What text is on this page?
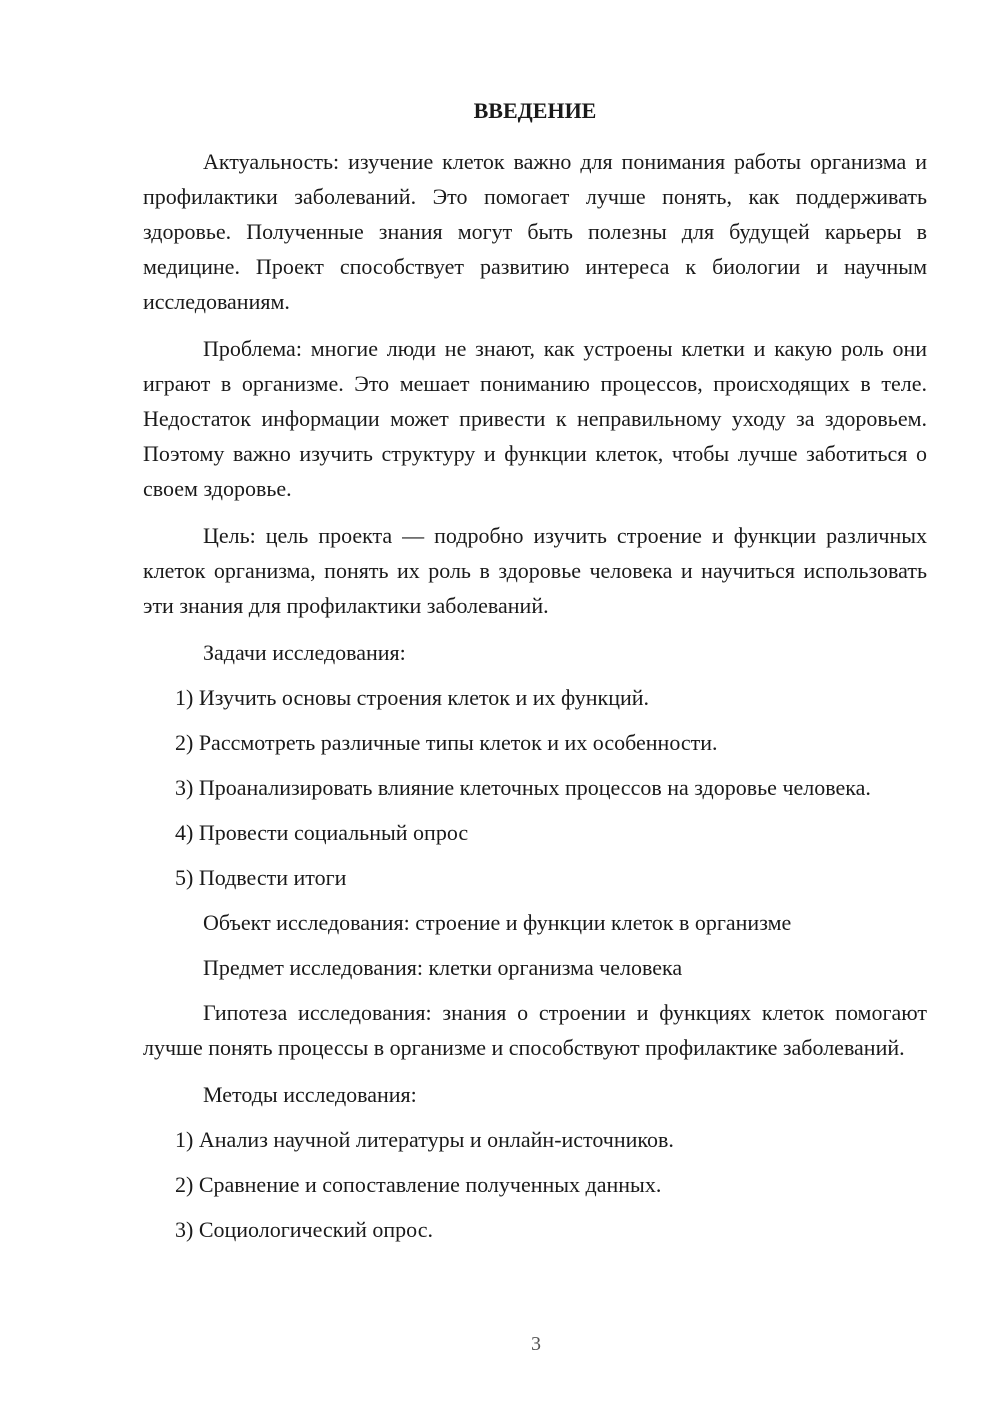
ВВЕДЕНИЕ

Актуальность: изучение клеток важно для понимания работы организма и профилактики заболеваний. Это помогает лучше понять, как поддерживать здоровье. Полученные знания могут быть полезны для будущей карьеры в медицине. Проект способствует развитию интереса к биологии и научным исследованиям.

Проблема: многие люди не знают, как устроены клетки и какую роль они играют в организме. Это мешает пониманию процессов, происходящих в теле. Недостаток информации может привести к неправильному уходу за здоровьем. Поэтому важно изучить структуру и функции клеток, чтобы лучше заботиться о своем здоровье.

Цель: цель проекта — подробно изучить строение и функции различных клеток организма, понять их роль в здоровье человека и научиться использовать эти знания для профилактики заболеваний.

Задачи исследования:

1) Изучить основы строения клеток и их функций.

2) Рассмотреть различные типы клеток и их особенности.

3) Проанализировать влияние клеточных процессов на здоровье человека.

4) Провести социальный опрос

5) Подвести итоги

Объект исследования: строение и функции клеток в организме

Предмет исследования: клетки организма человека

Гипотеза исследования: знания о строении и функциях клеток помогают лучше понять процессы в организме и способствуют профилактике заболеваний.

Методы исследования:

1) Анализ научной литературы и онлайн-источников.

2) Сравнение и сопоставление полученных данных.

3) Социологический опрос.

3
